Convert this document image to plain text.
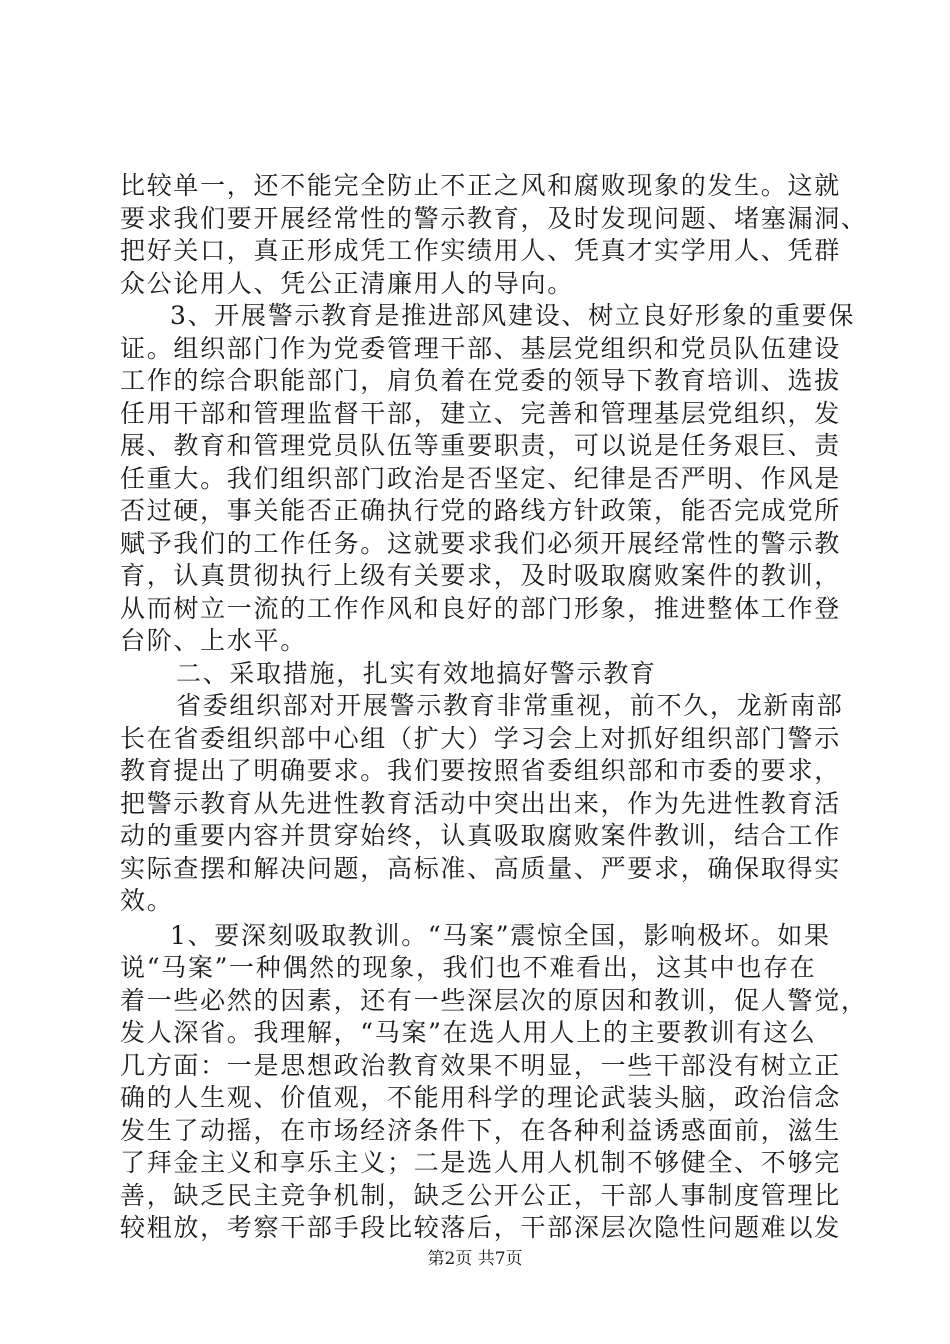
比较单一，还不能完全防止不正之风和腐败现象的发生。这就
要求我们要开展经常性的警示教育，及时发现问题、堵塞漏洞、
把好关口，真正形成凭工作实绩用人、凭真才实学用人、凭群
众公论用人、凭公正清廉用人的导向。
3、开展警示教育是推进部风建设、树立良好形象的重要保
证。组织部门作为党委管理干部、基层党组织和党员队伍建设
工作的综合职能部门，肩负着在党委的领导下教育培训、选拔
任用干部和管理监督干部，建立、完善和管理基层党组织，发
展、教育和管理党员队伍等重要职责，可以说是任务艰巨、责
任重大。我们组织部门政治是否坚定、纪律是否严明、作风是
否过硬，事关能否正确执行党的路线方针政策，能否完成党所
赋予我们的工作任务。这就要求我们必须开展经常性的警示教
育，认真贯彻执行上级有关要求，及时吸取腐败案件的教训，
从而树立一流的工作作风和良好的部门形象，推进整体工作登
台阶、上水平。
二、采取措施，扎实有效地搞好警示教育
省委组织部对开展警示教育非常重视，前不久，龙新南部
长在省委组织部中心组（扩大）学习会上对抓好组织部门警示
教育提出了明确要求。我们要按照省委组织部和市委的要求，
把警示教育从先进性教育活动中突出出来，作为先进性教育活
动的重要内容并贯穿始终，认真吸取腐败案件教训，结合工作
实际查摆和解决问题，高标准、高质量、严要求，确保取得实
效。
1、要深刻吸取教训。“马案”震惊全国，影响极坏。如果
说“马案”一种偶然的现象，我们也不难看出，这其中也存在
着一些必然的因素，还有一些深层次的原因和教训，促人警觉，
发人深省。我理解，“马案”在选人用人上的主要教训有这么
几方面：一是思想政治教育效果不明显，一些干部没有树立正
确的人生观、价值观，不能用科学的理论武装头脑，政治信念
发生了动摇，在市场经济条件下，在各种利益诱惑面前，滋生
了拜金主义和享乐主义；二是选人用人机制不够健全、不够完
善，缺乏民主竞争机制，缺乏公开公正，干部人事制度管理比
较粗放，考察干部手段比较落后，干部深层次隐性问题难以发
第2页 共7页
